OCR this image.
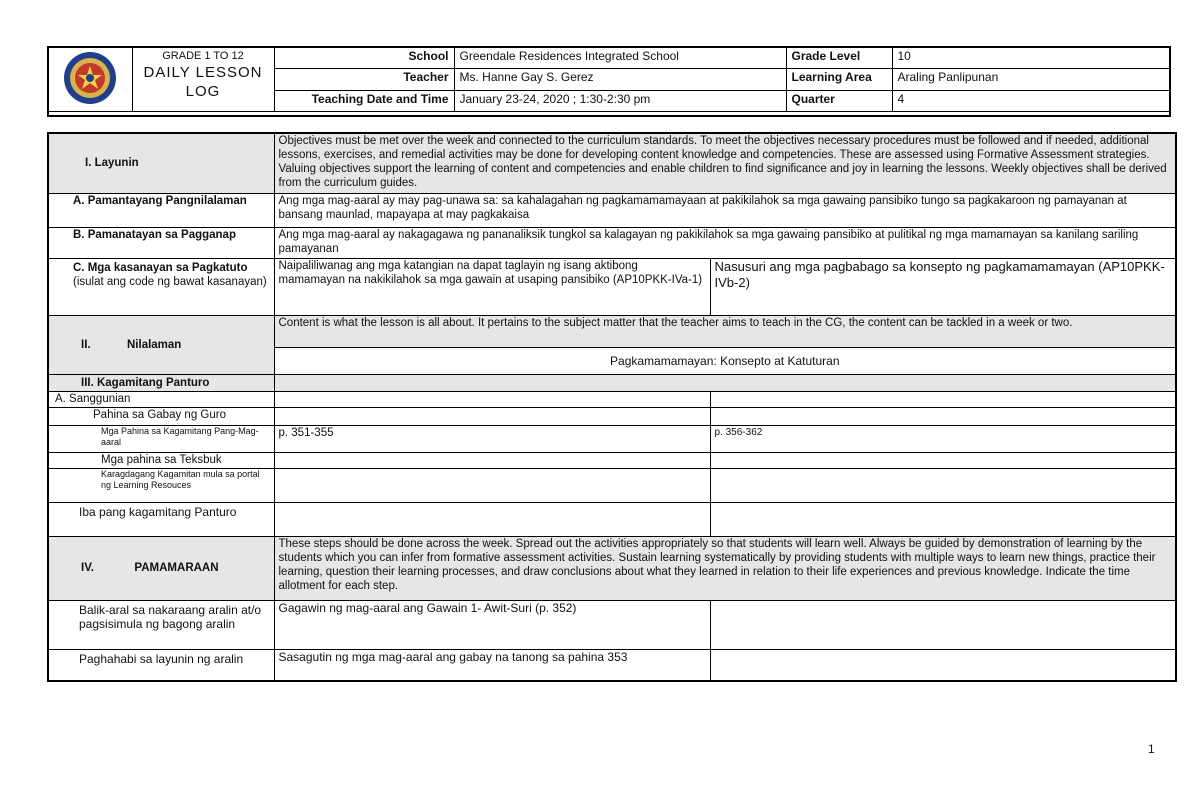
GRADE 1 TO 12
DAILY LESSON
LOG	School	Greendale Residences Integrated School	Grade Level	10
		Teacher	Ms. Hanne Gay S. Gerez	Learning Area	Araling Panlipunan
		Teaching Date and Time	January 23-24, 2020 ; 1:30-2:30 pm	Quarter	4

I. Layunin	Objectives must be met over the week and connected to the curriculum standards. To meet the objectives necessary procedures must be followed and if needed, additional lessons, exercises, and remedial activities may be done for developing content knowledge and competencies. These are assessed using Formative Assessment strategies. Valuing objectives support the learning of content and competencies and enable children to find significance and joy in learning the lessons. Weekly objectives shall be derived from the curriculum guides.	
A. Pamantayang Pangnilalaman	Ang mga mag-aaral ay may pag-unawa sa: sa kahalagahan ng pagkamamamayaan at pakikilahok sa mga gawaing pansibiko tungo sa pagkakaroon ng pamayanan at bansang maunlad, mapayapa at may pagkakaisa	
B. Pamanatayan sa Pagganap	Ang mga mag-aaral ay nakagagawa ng pananaliksik tungkol sa kalagayan ng pakikilahok sa mga gawaing pansibiko at pulitikal ng mga mamamayan sa kanilang sariling pamayanan	
C. Mga kasanayan sa Pagkatuto (isulat ang code ng bawat kasanayan)	Naipaliliwanag ang mga katangian na dapat taglayin ng isang aktibong mamamayan na nakikilahok sa mga gawain at usaping pansibiko (AP10PKK-IVa-1)	Nasusuri ang mga pagbabago sa konsepto ng pagkamamamayan (AP10PKK-IVb-2)
II. Nilalaman	Content is what the lesson is all about. It pertains to the subject matter that the teacher aims to teach in the CG, the content can be tackled in a week or two.	
	Pagkamamamayan: Konsepto at Katuturan	
III. Kagamitang Panturo		
A. Sanggunian		
Pahina sa Gabay ng Guro		
Mga Pahina sa Kagamitang Pang-Mag-aaral	p. 351-355	p. 356-362
Mga pahina sa Teksbuk		
Karagdagang Kagamitan mula sa portal ng Learning Resouces		
Iba pang kagamitang Panturo		
IV. PAMAMARAAN	These steps should be done across the week. Spread out the activities appropriately so that students will learn well. Always be guided by demonstration of learning by the students which you can infer from formative assessment activities. Sustain learning systematically by providing students with multiple ways to learn new things, practice their learning, question their learning processes, and draw conclusions about what they learned in relation to their life experiences and previous knowledge. Indicate the time allotment for each step.	
Balik-aral sa nakaraang aralin at/o pagsisimula ng bagong aralin	Gagawin ng mag-aaral ang Gawain 1- Awit-Suri (p. 352)	
Paghahabi sa layunin ng aralin	Sasagutin ng mga mag-aaral ang gabay na tanong sa pahina 353	
1
